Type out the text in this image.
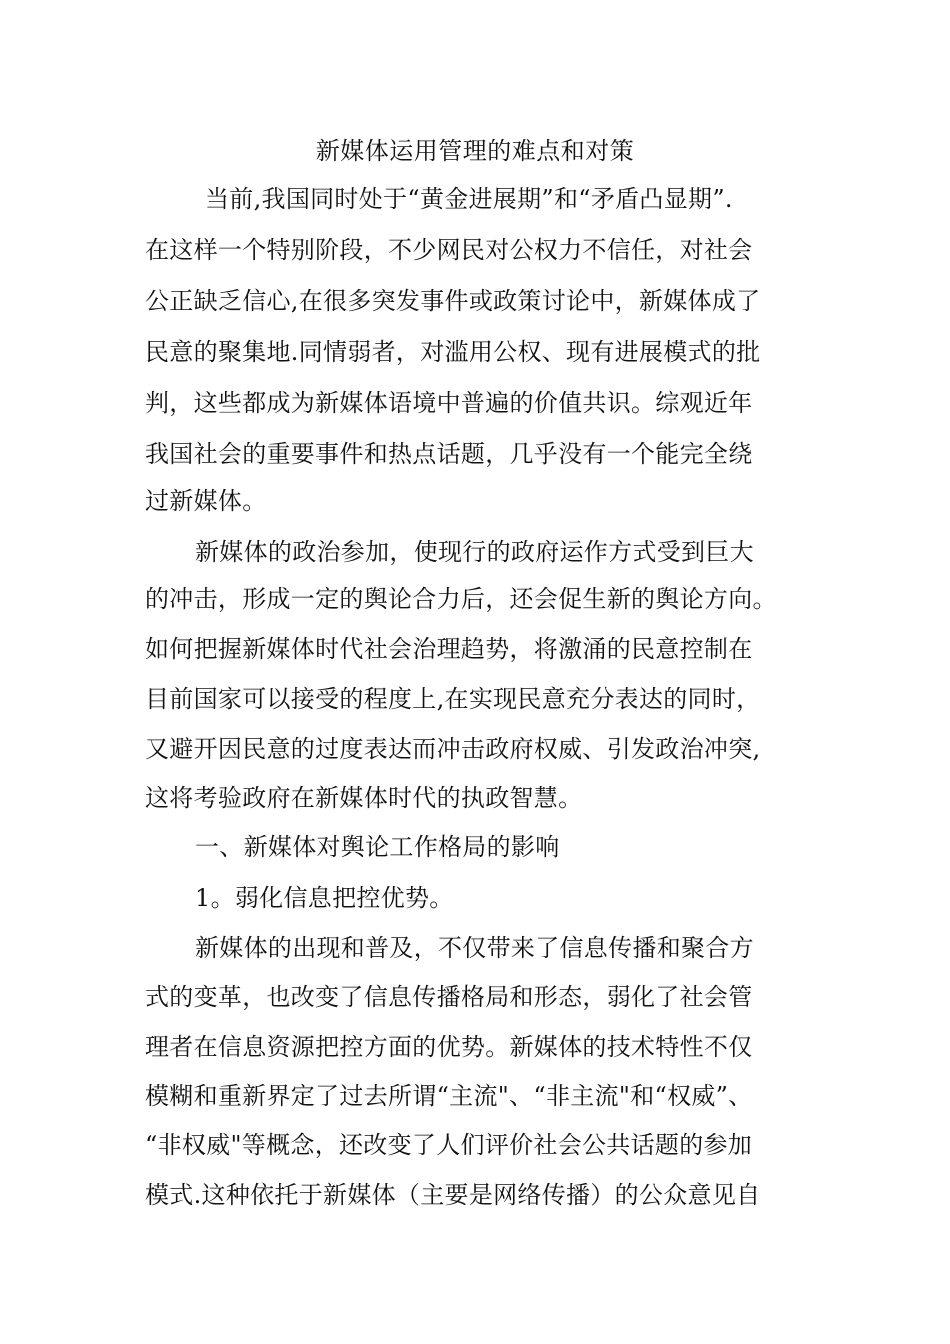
新媒体运用管理的难点和对策
当前,我国同时处于“黄金进展期”和“矛盾凸显期”.
在这样一个特别阶段，不少网民对公权力不信任，对社会
公正缺乏信心,在很多突发事件或政策讨论中，新媒体成了
民意的聚集地.同情弱者，对滥用公权、现有进展模式的批
判，这些都成为新媒体语境中普遍的价值共识。综观近年
我国社会的重要事件和热点话题，几乎没有一个能完全绕
过新媒体。
新媒体的政治参加，使现行的政府运作方式受到巨大
的冲击，形成一定的舆论合力后，还会促生新的舆论方向。
如何把握新媒体时代社会治理趋势，将激涌的民意控制在
目前国家可以接受的程度上,在实现民意充分表达的同时，
又避开因民意的过度表达而冲击政府权威、引发政治冲突,
这将考验政府在新媒体时代的执政智慧。
一、新媒体对舆论工作格局的影响
1。弱化信息把控优势。
新媒体的出现和普及，不仅带来了信息传播和聚合方
式的变革，也改变了信息传播格局和形态，弱化了社会管
理者在信息资源把控方面的优势。新媒体的技术特性不仅
模糊和重新界定了过去所谓“主流"、“非主流"和“权威”、
“非权威"等概念，还改变了人们评价社会公共话题的参加
模式.这种依托于新媒体（主要是网络传播）的公众意见自
